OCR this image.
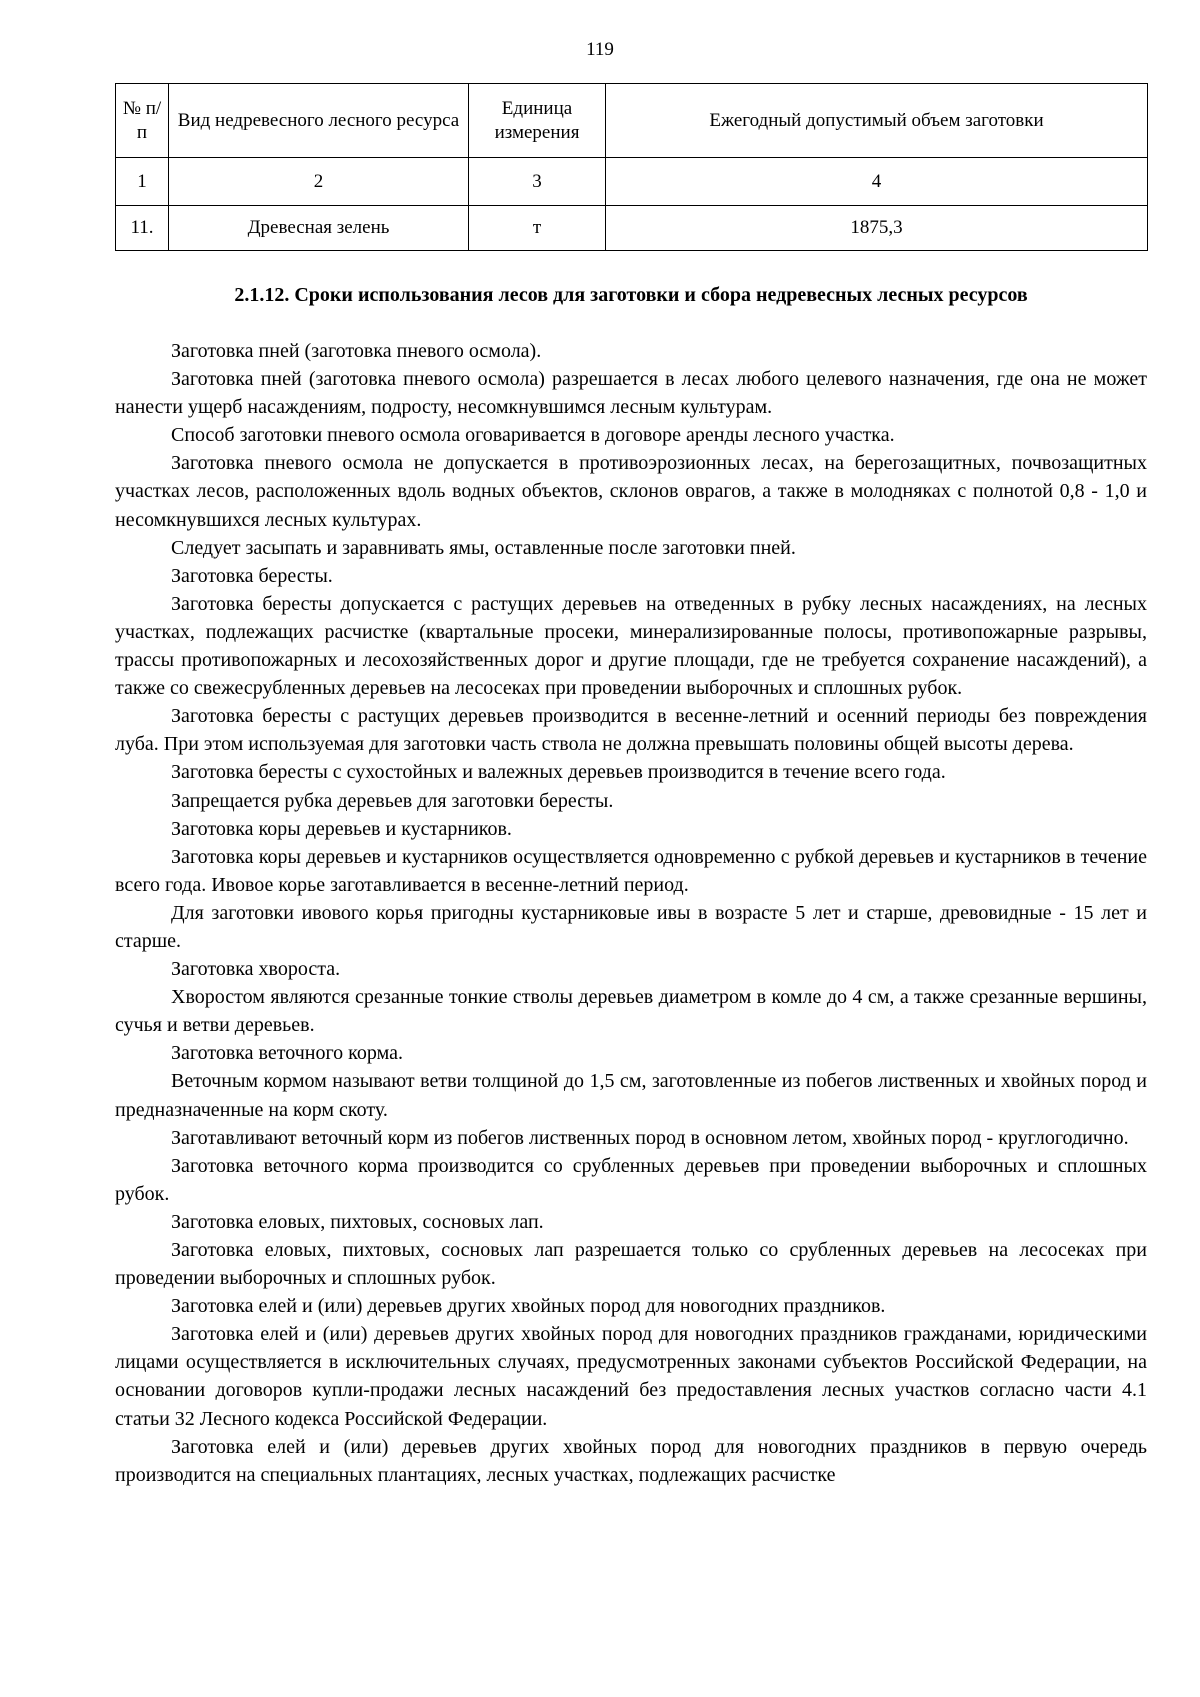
119
№ п/п	Вид недревесного лесного ресурса	Единица измерения	Ежегодный допустимый объем заготовки
1	2	3	4
11.	Древесная зелень	т	1875,3
2.1.12. Сроки использования лесов для заготовки и сбора недревесных лесных ресурсов

Заготовка пней (заготовка пневого осмола).

Заготовка пней (заготовка пневого осмола) разрешается в лесах любого целевого назначения, где она не может нанести ущерб насаждениям, подросту, несомкнувшимся лесным культурам.

Способ заготовки пневого осмола оговаривается в договоре аренды лесного участка.

Заготовка пневого осмола не допускается в противоэрозионных лесах, на берегозащитных, почвозащитных участках лесов, расположенных вдоль водных объектов, склонов оврагов, а также в молодняках с полнотой 0,8 - 1,0 и несомкнувшихся лесных культурах.

Следует засыпать и заравнивать ямы, оставленные после заготовки пней.

Заготовка бересты.

Заготовка бересты допускается с растущих деревьев на отведенных в рубку лесных насаждениях, на лесных участках, подлежащих расчистке (квартальные просеки, минерализированные полосы, противопожарные разрывы, трассы противопожарных и лесохозяйственных дорог и другие площади, где не требуется сохранение насаждений), а также со свежесрубленных деревьев на лесосеках при проведении выборочных и сплошных рубок.

Заготовка бересты с растущих деревьев производится в весенне-летний и осенний периоды без повреждения луба. При этом используемая для заготовки часть ствола не должна превышать половины общей высоты дерева.

Заготовка бересты с сухостойных и валежных деревьев производится в течение всего года.

Запрещается рубка деревьев для заготовки бересты.

Заготовка коры деревьев и кустарников.

Заготовка коры деревьев и кустарников осуществляется одновременно с рубкой деревьев и кустарников в течение всего года. Ивовое корье заготавливается в весенне-летний период.

Для заготовки ивового корья пригодны кустарниковые ивы в возрасте 5 лет и старше, древовидные - 15 лет и старше.

Заготовка хвороста.

Хворостом являются срезанные тонкие стволы деревьев диаметром в комле до 4 см, а также срезанные вершины, сучья и ветви деревьев.

Заготовка веточного корма.

Веточным кормом называют ветви толщиной до 1,5 см, заготовленные из побегов лиственных и хвойных пород и предназначенные на корм скоту.

Заготавливают веточный корм из побегов лиственных пород в основном летом, хвойных пород - круглогодично.

Заготовка веточного корма производится со срубленных деревьев при проведении выборочных и сплошных рубок.

Заготовка еловых, пихтовых, сосновых лап.

Заготовка еловых, пихтовых, сосновых лап разрешается только со срубленных деревьев на лесосеках при проведении выборочных и сплошных рубок.

Заготовка елей и (или) деревьев других хвойных пород для новогодних праздников.

Заготовка елей и (или) деревьев других хвойных пород для новогодних праздников гражданами, юридическими лицами осуществляется в исключительных случаях, предусмотренных законами субъектов Российской Федерации, на основании договоров купли-продажи лесных насаждений без предоставления лесных участков согласно части 4.1 статьи 32 Лесного кодекса Российской Федерации.

Заготовка елей и (или) деревьев других хвойных пород для новогодних праздников в первую очередь производится на специальных плантациях, лесных участках, подлежащих расчистке
